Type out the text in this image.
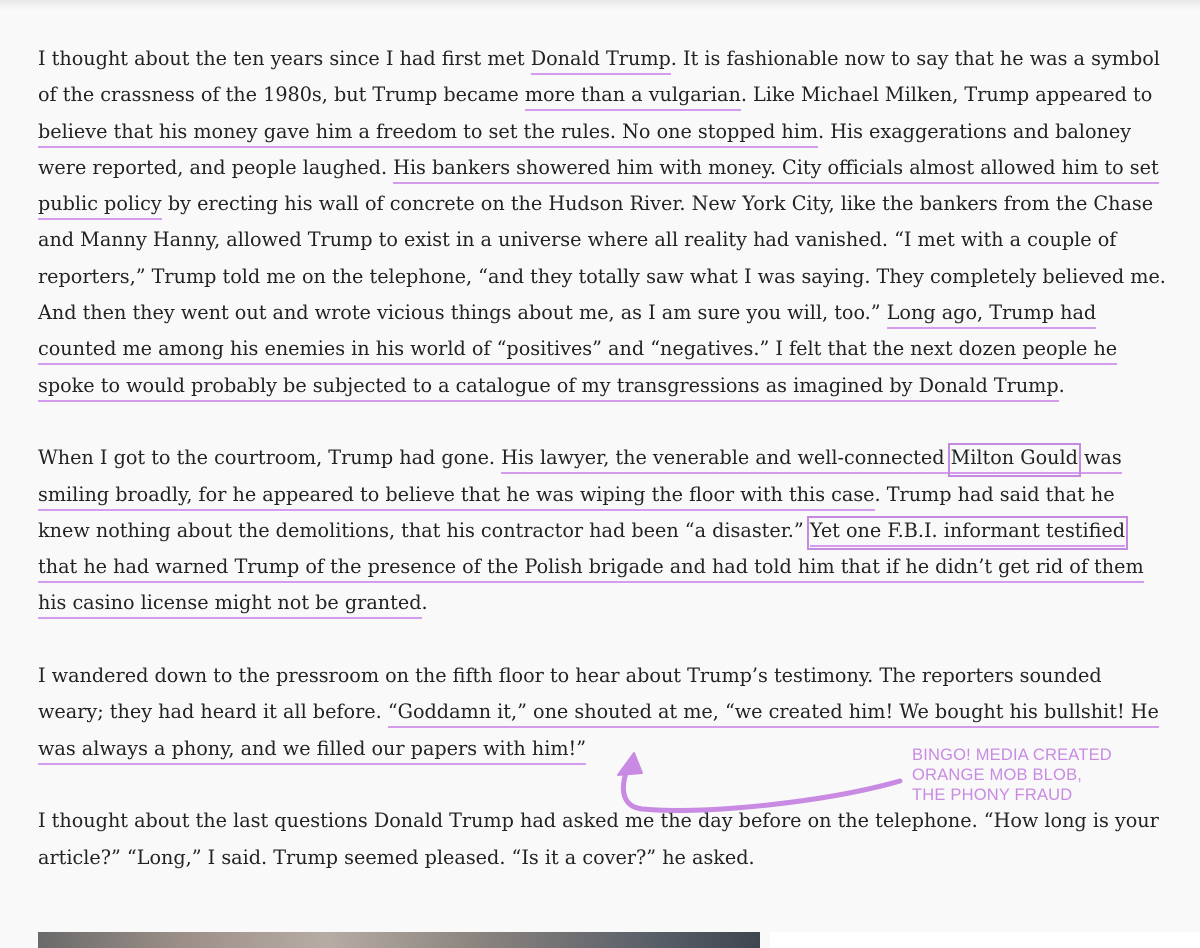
I thought about the ten years since I had first met Donald Trump. It is fashionable now to say that he was a symbol of the crassness of the 1980s, but Trump became more than a vulgarian. Like Michael Milken, Trump appeared to believe that his money gave him a freedom to set the rules. No one stopped him. His exaggerations and baloney were reported, and people laughed. His bankers showered him with money. City officials almost allowed him to set public policy by erecting his wall of concrete on the Hudson River. New York City, like the bankers from the Chase and Manny Hanny, allowed Trump to exist in a universe where all reality had vanished. “I met with a couple of reporters,” Trump told me on the telephone, “and they totally saw what I was saying. They completely believed me. And then they went out and wrote vicious things about me, as I am sure you will, too.” Long ago, Trump had counted me among his enemies in his world of “positives” and “negatives.” I felt that the next dozen people he spoke to would probably be subjected to a catalogue of my transgressions as imagined by Donald Trump.

When I got to the courtroom, Trump had gone. His lawyer, the venerable and well-connected Milton Gould was smiling broadly, for he appeared to believe that he was wiping the floor with this case. Trump had said that he knew nothing about the demolitions, that his contractor had been “a disaster.” Yet one F.B.I. informant testified that he had warned Trump of the presence of the Polish brigade and had told him that if he didn’t get rid of them his casino license might not be granted.

I wandered down to the pressroom on the fifth floor to hear about Trump’s testimony. The reporters sounded weary; they had heard it all before. “Goddamn it,” one shouted at me, “we created him! We bought his bullshit! He was always a phony, and we filled our papers with him!”

I thought about the last questions Donald Trump had asked me the day before on the telephone. “How long is your article?” “Long,” I said. Trump seemed pleased. “Is it a cover?” he asked.

BINGO! MEDIA CREATED
ORANGE MOB BLOB,
THE PHONY FRAUD
